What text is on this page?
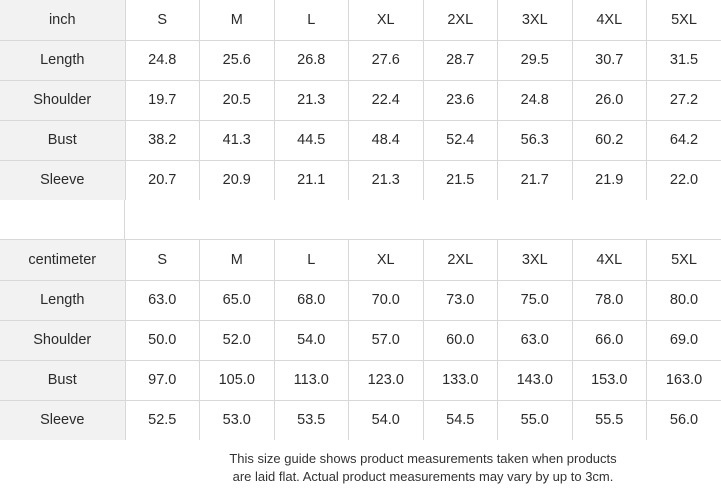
inch	S	M	L	XL	2XL	3XL	4XL	5XL
Length	24.8	25.6	26.8	27.6	28.7	29.5	30.7	31.5
Shoulder	19.7	20.5	21.3	22.4	23.6	24.8	26.0	27.2
Bust	38.2	41.3	44.5	48.4	52.4	56.3	60.2	64.2
Sleeve	20.7	20.9	21.1	21.3	21.5	21.7	21.9	22.0
centimeter	S	M	L	XL	2XL	3XL	4XL	5XL
Length	63.0	65.0	68.0	70.0	73.0	75.0	78.0	80.0
Shoulder	50.0	52.0	54.0	57.0	60.0	63.0	66.0	69.0
Bust	97.0	105.0	113.0	123.0	133.0	143.0	153.0	163.0
Sleeve	52.5	53.0	53.5	54.0	54.5	55.0	55.5	56.0
This size guide shows product measurements taken when products
are laid flat. Actual product measurements may vary by up to 3cm.
